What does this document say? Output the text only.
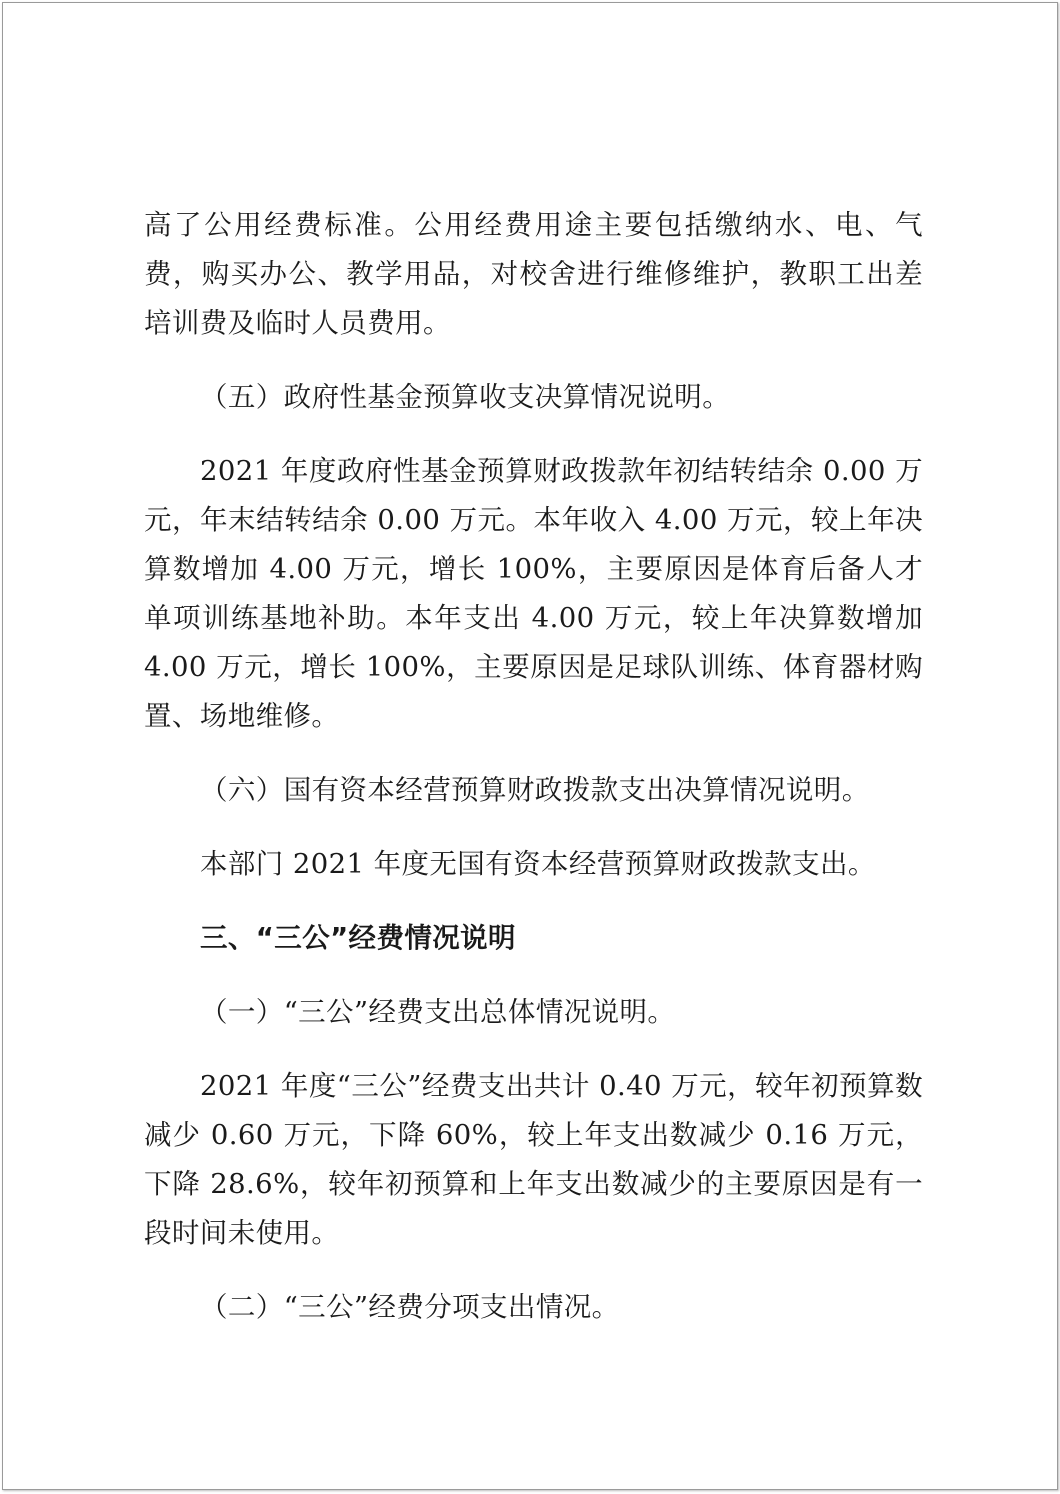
高了公用经费标准。公用经费用途主要包括缴纳水、电、气费，购买办公、教学用品，对校舍进行维修维护，教职工出差培训费及临时人员费用。

（五）政府性基金预算收支决算情况说明。

2021 年度政府性基金预算财政拨款年初结转结余 0.00 万元，年末结转结余 0.00 万元。本年收入 4.00 万元，较上年决算数增加 4.00 万元，增长 100%，主要原因是体育后备人才单项训练基地补助。本年支出 4.00 万元，较上年决算数增加 4.00 万元，增长 100%，主要原因是足球队训练、体育器材购置、场地维修。

（六）国有资本经营预算财政拨款支出决算情况说明。

本部门 2021 年度无国有资本经营预算财政拨款支出。

三、“三公”经费情况说明

（一）“三公”经费支出总体情况说明。

2021 年度“三公”经费支出共计 0.40 万元，较年初预算数减少 0.60 万元，下降 60%，较上年支出数减少 0.16 万元，下降 28.6%，较年初预算和上年支出数减少的主要原因是有一段时间未使用。

（二）“三公”经费分项支出情况。
